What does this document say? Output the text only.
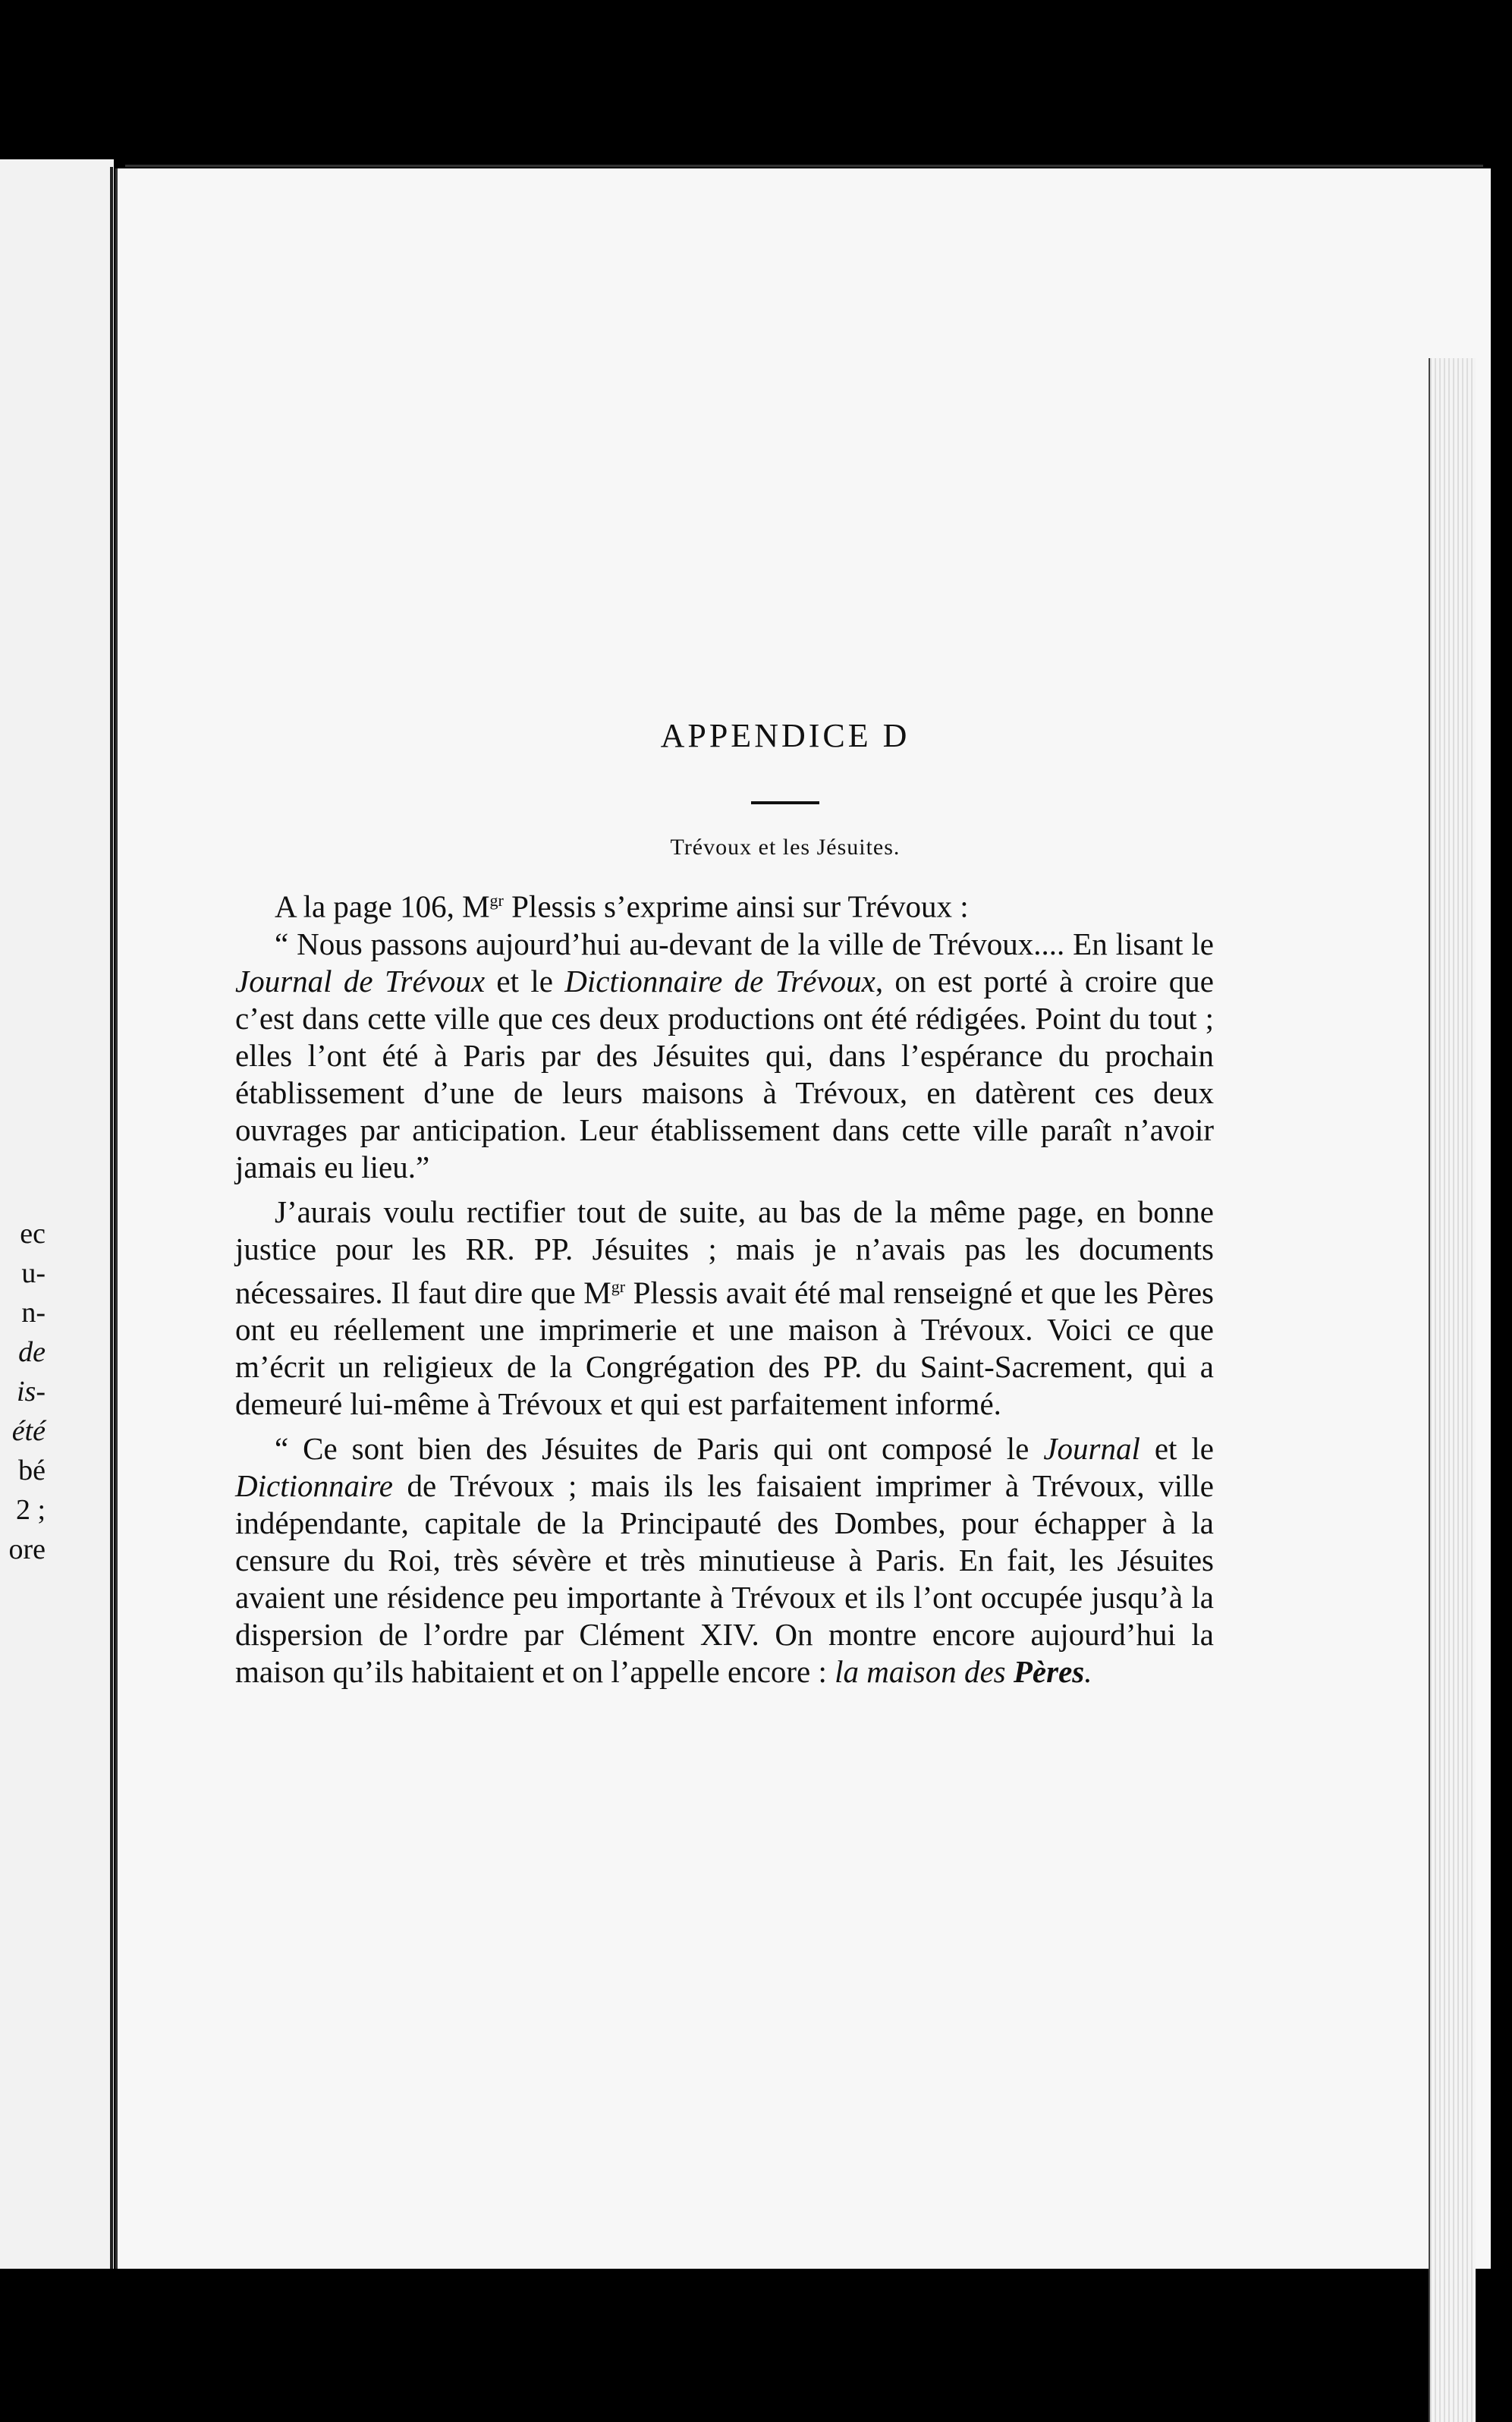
ec
u-
n-
de
is-
été
bé
2 ;
ore
APPENDICE D
Trévoux et les Jésuites.

A la page 106, $M^{gr}$ Plessis s’exprime ainsi sur Trévoux :

“ Nous passons aujourd’hui au-devant de la ville de Trévoux.... En lisant le Journal de Trévoux et le Dictionnaire de Trévoux, on est porté à croire que c’est dans cette ville que ces deux productions ont été rédigées. Point du tout ; elles l’ont été à Paris par des Jésuites qui, dans l’espérance du prochain établissement d’une de leurs maisons à Trévoux, en datèrent ces deux ouvrages par anticipation. Leur établissement dans cette ville paraît n’avoir jamais eu lieu.”

J’aurais voulu rectifier tout de suite, au bas de la même page, en bonne justice pour les RR. PP. Jésuites ; mais je n’avais pas les documents nécessaires. Il faut dire que $M^{gr}$ Plessis avait été mal renseigné et que les Pères ont eu réellement une imprimerie et une maison à Trévoux. Voici ce que m’écrit un religieux de la Congrégation des PP. du Saint-Sacrement, qui a demeuré lui-même à Trévoux et qui est parfaitement informé.

“ Ce sont bien des Jésuites de Paris qui ont composé le Journal et le Dictionnaire de Trévoux ; mais ils les faisaient imprimer à Trévoux, ville indépendante, capitale de la Principauté des Dombes, pour échapper à la censure du Roi, très sévère et très minutieuse à Paris. En fait, les Jésuites avaient une résidence peu importante à Trévoux et ils l’ont occupée jusqu’à la dispersion de l’ordre par Clément XIV. On montre encore aujourd’hui la maison qu’ils habitaient et on l’appelle encore : la maison des Pères.
